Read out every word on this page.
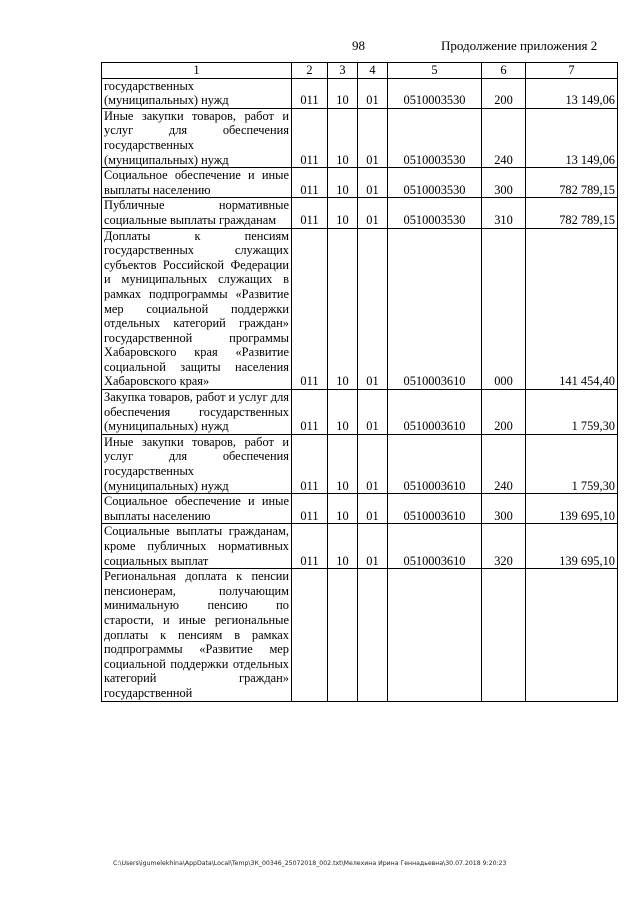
98	Продолжение приложения 2
1	2	3	4	5	6	7
государственных (муниципальных) нужд	011	10	01	0510003530	200	13 149,06
Иные закупки товаров, работ и услуг для обеспечения государственных (муниципальных) нужд	011	10	01	0510003530	240	13 149,06
Социальное обеспечение и иные выплаты населению	011	10	01	0510003530	300	782 789,15
Публичные нормативные социальные выплаты гражданам	011	10	01	0510003530	310	782 789,15
Доплаты к пенсиям государственных служащих субъектов Российской Федерации и муниципальных служащих в рамках подпрограммы «Развитие мер социальной поддержки отдельных категорий граждан» государственной программы Хабаровского края «Развитие социальной защиты населения Хабаровского края»	011	10	01	0510003610	000	141 454,40
Закупка товаров, работ и услуг для обеспечения государственных (муниципальных) нужд	011	10	01	0510003610	200	1 759,30
Иные закупки товаров, работ и услуг для обеспечения государственных (муниципальных) нужд	011	10	01	0510003610	240	1 759,30
Социальное обеспечение и иные выплаты населению	011	10	01	0510003610	300	139 695,10
Социальные выплаты гражданам, кроме публичных нормативных социальных выплат	011	10	01	0510003610	320	139 695,10
Региональная доплата к пенсии пенсионерам, получающим минимальную пенсию по старости, и иные региональные доплаты к пенсиям в рамках подпрограммы «Развитие мер социальной поддержки отдельных категорий граждан» государственной						
C:\Users\igumelekhina\AppData\Local\Temp\ЗК_00346_25072018_002.txt\Мелехина Ирина Геннадьевна\30.07.2018 9:20:23
